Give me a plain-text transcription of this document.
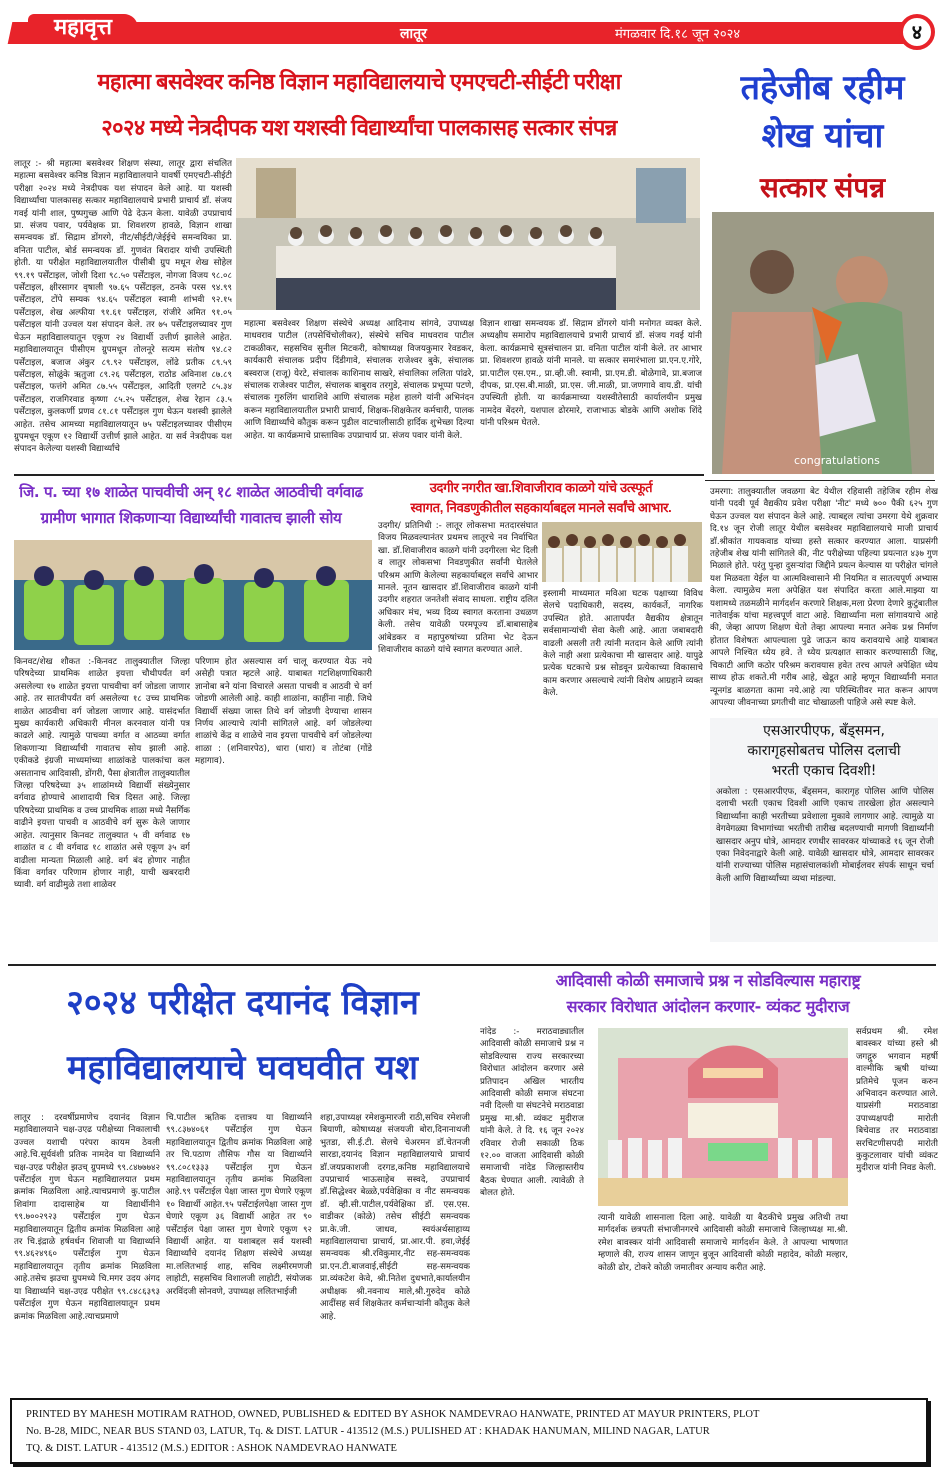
महावृत्त	लातूर	मंगळवार दि.१८ जून २०२४	४
महात्मा बसवेश्वर कनिष्ठ विज्ञान महाविद्यालयाचे एमएचटी-सीईटी परीक्षा
२०२४ मध्ये नेत्रदीपक यश यशस्वी विद्यार्थ्यांचा पालकासह सत्कार संपन्न
तहेजीब रहीम
शेख यांचा
सत्कार संपन्न
लातूर :- श्री महात्मा बसवेश्वर शिक्षण संस्था, लातूर द्वारा संचलित महात्मा बसवेश्वर कनिष्ठ विज्ञान महाविद्यालयाने यावर्षी एमएचटी-सीईटी परीक्षा २०२४ मध्ये नेत्रदीपक यश संपादन केले आहे. या यशस्वी विद्यार्थ्यांचा पालकासह सत्कार महाविद्यालयाचे प्रभारी प्राचार्य डॉ. संजय गवई यांनी शाल, पुष्पगुच्छ आणि पेढे देऊन केला. यावेळी उपप्राचार्य प्रा. संजय पवार, पर्यवेक्षक प्रा. शिवशरण हावळे, विज्ञान शाखा समन्वयक डॉ. सिद्राम डोंगरगे, नीट/सीईटी/जेईईचे समन्वयिका प्रा. वनिता पाटील, बोर्ड समन्वयक डॉ. गुणवंत बिरादार यांची उपस्थिती होती. या परीक्षेत महाविद्यालयातील पीसीबी ग्रुप मधून शेख सोहेल ९९.१९ पर्सेंटाइल, जोशी दिशा ९८.५० पर्सेंटाइल, नोगजा विजय ९८.०८ पर्सेंटाइल, क्षीरसागर वृषाली ९७.६५ पर्सेंटाइल, ठनके परस ९४.९९ पर्सेंटाइल, टोंपे सम्यक ९४.६५ पर्सेंटाइल स्वामी शांभवी ९२.१५ पर्सेंटाइल, शेख अल्फीया ९१.६१ पर्सेंटाइल, रांजीरे अमित ९१.०५ पर्सेंटाइल यांनी उज्वल यश संपादन केले. तर ७५ पर्सेंटाइलच्यावर गुण घेऊन महाविद्यालयातून एकूण २४ विद्यार्थी उत्तीर्ण झालेले आहेत. महाविद्यालयातून पीसीएम ग्रुपमधून तोलनूरे सत्यम संतोष ९४.८२ पर्सेंटाइल, बजाज अंकुर ८९.९२ पर्सेंटाइल, लोंढे प्रतीक ८९.५९ पर्सेंटाइल, सोळुंके ऋतुजा ८९.२६ पर्सेंटाइल, राठोड अविनाश ८७.८९ पर्सेंटाइल, फत्तंगे अमित ८७.५५ पर्सेंटाइल, आदिती एलगटे ८५.३४ पर्सेंटाइल, राजगिरवाड कृष्णा ८५.२५ पर्सेंटाइल, शेख रेहान ८३.५ पर्सेंटाइल, कुलकर्णी प्रणव ८१.८१ पर्सेंटाइल गुण घेऊन यशस्वी झालेले आहेत. तसेच आमच्या महाविद्यालयातून ७५ पर्सेंटाइलच्यावर पीसीएम ग्रुपमधून एकूण १२ विद्यार्थी उत्तीर्ण झाले आहेत. या सर्व नेत्रदीपक यश संपादन केलेल्या यशस्वी विद्यार्थ्यांचे
महात्मा बसवेश्वर शिक्षण संस्थेचे अध्यक्ष आदिनाथ सांगवे, उपाध्यक्ष माधवराव पाटील (तपसेचिंचोलीकर), संस्थेचे सचिव माधवराव पाटील टाकळीकर, सहसचिव सुनील मिटकरी, कोषाध्यक्ष विजयकुमार रेवडकर, कार्यकारी संचालक प्रदीप दिंडीगावे, संचालक राजेश्वर बुके, संचालक बस्वराज (राजू) येरटे, संचालक काशिनाथ साखरे, संचालिका ललिता पांढरे, संचालक राजेश्वर पाटील, संचालक बाबुराव तरगुडे, संचालक प्रभूप्पा पटणे, संचालक गुरुलिंग धाराशिवे आणि संचालक महेश हालगे यांनी अभिनंदन करून महाविद्यालयातील प्रभारी प्राचार्य, शिक्षक-शिक्षकेतर कर्मचारी, पालक आणि विद्यार्थ्यांचे कौतुक करून पुढील वाटचालीसाठी हार्दिक शुभेच्छा दिल्या आहेत. या कार्यक्रमाचे प्रास्ताविक उपप्राचार्य प्रा. संजय पवार यांनी केले.
विज्ञान शाखा समन्वयक डॉ. सिद्राम डोंगरगे यांनी मनोगत व्यक्त केले. अध्यक्षीय समारोप महाविद्यालयाचे प्रभारी प्राचार्य डॉ. संजय गवई यांनी केला. कार्यक्रमाचे सूत्रसंचालन प्रा. वनिता पाटील यांनी केले. तर आभार प्रा. शिवशरण हावळे यांनी मानले. या सत्कार समारंभाला प्रा.एन.ए.गोरे, प्रा.पाटील एस.एम., प्रा.व्ही.जी. स्वामी, प्रा.एम.डी. बोळेगावे, प्रा.बजाज दीपक, प्रा.एस.बी.माळी, प्रा.एस. जी.माळी, प्रा.जणगावे वाय.डी. यांची उपस्थिती होती. या कार्यक्रमाच्या यशस्वीतेसाठी कार्यालयीन प्रमुख नामदेव बेंदरगे, यशपाल ढोरमारे, राजाभाऊ बोडके आणि अशोक शिंदे यांनी परिश्रम घेतले.
congratulations
जि. प. च्या १७ शाळेत पाचवीची अन् १८ शाळेत आठवीची वर्गवाढ
ग्रामीण भागात शिकणाऱ्या विद्यार्थ्यांची गावातच झाली सोय
किनवट/शेख शौकत :-किनवट तालुक्यातील जिल्हा परिषदेच्या प्राथमिक शाळेत इयत्ता चौथीपर्यंत वर्ग असलेल्या १७ शाळेत इयत्ता पाचवीचा वर्ग जोडला जाणार आहे. तर सातवीपर्यंत वर्ग असलेल्या १८ उच्च प्राथमिक शाळेत आठवीचा वर्ग जोडला जाणार आहे. यासंदर्भात मुख्य कार्यकारी अधिकारी मीनल करनवाल यांनी पत्र काढले आहे. त्यामुळे पाचव्या वर्गात व आठव्या वर्गात शिकणाऱ्या विद्यार्थ्यांची गावातच सोय झाली आहे. एकीकडे इंग्रजी माध्यमांच्या शाळांकडे पालकांचा कल असतानाच आदिवासी, डोंगरी, पैसा क्षेत्रातील तालुक्यातील जिल्हा परिषदेच्या ३५ शाळांमध्ये विद्यार्थी संख्येनुसार वर्गवाढ होण्याचे आशादायी चित्र दिसत आहे. जिल्हा परिषदेच्या प्राथमिक व उच्च प्राथमिक शाळा मध्ये नैसर्गिक वाढीने इयत्ता पाचवी व आठवीचे वर्ग सुरू केले जाणार आहेत. त्यानुसार किनवट तालुक्यात ५ वी वर्गवाढ १७ शाळांत व ८ वी वर्गवाढ १८ शाळांत असे एकूण ३५ वर्ग वाढीला मान्यता मिळाली आहे. वर्ग बंद होणार नाहीत किंवा वर्गावर परिणाम होणार नाही, याची खबरदारी घ्यावी. वर्ग वाढीमुळे तशा शाळेवर
परिणाम होत असल्यास वर्ग चालू करण्यात येऊ नये असेही पत्रात म्हटले आहे. याबाबत गटशिक्षणाधिकारी ज्ञानोबा बने यांना विचारले असता पाचवी व आठवी चे वर्ग जोडणी आलेली आहे. काही शाळांना, काहींना नाही. जिथे विद्यार्थी संख्या जास्त तिथे वर्ग जोडणी देण्याचा शासन निर्णय आल्याचे त्यांनी सांगितले आहे. वर्ग जोडलेल्या शाळांचे केंद्र व शाळेचे नाव इयत्ता पाचवीचे वर्ग जोडलेल्या शाळा : (शनिवारपेठ), धारा (धारा) व तोटंबा (गोंडे महागाव).
उदगीर नगरीत खा.शिवाजीराव काळगे यांचे उत्स्फूर्त
स्वागत, निवडणुकीतील सहकार्याबद्दल मानले सर्वांचे आभार.
उदगीर/ प्रतिनिधी :- लातूर लोकसभा मतदारसंघात विजय मिळवल्यानंतर प्रथमच लातूरचे नव निर्वाचित खा. डॉ.शिवाजीराव काळगे यांनी उदगीरला भेट दिली व लातुर लोकसभा निवडणुकीत सर्वांनी घेतलेले परिश्रम आणि केलेल्या सहकार्याबद्दल सर्वांचे आभार मानले. नूतन खासदार डॉ.शिवाजीराव काळगे यांनी उदगीर शहरात जनतेशी संवाद साधला. राष्ट्रीय दलित अधिकार मंच, भव्य दिव्य स्वागत करताना उधळण केली. तसेच यावेळी परमपूज्य डॉ.बाबासाहेब आंबेडकर व महापुरुषांच्या प्रतिमा भेट देऊन शिवाजीराव काळगे यांचे स्वागत करण्यात आले.
इस्लामी माध्यमात मविआ घटक पक्षाच्या विविध सेलचे पदाधिकारी, सदस्य, कार्यकर्ते, नागरिक उपस्थित होते. आतापर्यंत वैद्यकीय क्षेत्रातून सर्वसामान्यांची सेवा केली आहे. आता जबाबदारी वाढली असली तरी त्यांनी मतदान केले आणि त्यांनी केले नाही अशा प्रत्येकाचा मी खासदार आहे. यापुढे प्रत्येक घटकाचे प्रश्न सोडवून प्रत्येकाच्या विकासाचे काम करणार असल्याचे त्यांनी विशेष आग्रहाने व्यक्त केले.
उमरगा: तालुक्यातील जवळगा बेट येथील रहिवासी तहेजिब रहीम शेख यांनी पदवी पूर्व वैद्यकीय प्रवेश परीक्षा 'नीट' मध्ये ७०० पैकी ६२५ गुण घेऊन उज्वल यश संपादन केले आहे. त्याबद्दल त्यांचा उमरगा येथे शुक्रवार दि.१४ जून रोजी लातूर येथील बसवेश्वर महाविद्यालयाचे माजी प्राचार्य डॉ.श्रीकांत गायकवाड यांच्या हस्ते सत्कार करण्यात आला. याप्रसंगी तहेजीब शेख यांनी सांगितले की, नीट परीक्षेच्या पहिल्या प्रयत्नात ४३७ गुण मिळाले होते. परंतु पुन्हा दुसऱ्यांदा जिद्दीने प्रयत्न केल्यास या परीक्षेत चांगले यश मिळवता येईल या आत्मविश्वासाने मी नियमित व सातत्यपूर्ण अभ्यास केला. त्यामुळेच मला अपेक्षित यश संपादित करता आले.माझ्या या यशामध्ये तळमळीने मार्गदर्शन करणारे शिक्षक,मला प्रेरणा देणारे कुटुंबातील नातेवाईक यांचा महत्त्वपूर्ण वाटा आहे. विद्यार्थ्यांना मला सांगावयाचे आहे की, जेव्हा आपण शिक्षण घेतो तेव्हा आपल्या मनात अनेक प्रश्न निर्माण होतात विशेषतः आपल्याला पुढे जाऊन काय करावयाचे आहे याबाबत आपले निश्चित ध्येय हवे. ते ध्येय प्रत्यक्षात साकार करण्यासाठी जिद्द, चिकाटी आणि कठोर परिश्रम करावयास हवेत तरच आपले अपेक्षित ध्येय साध्य होऊ शकते.मी गरीब आहे, खेडूत आहे म्हणून विद्यार्थ्यांनी मनात न्यूनगंड बाळगता कामा नये.आहे त्या परिस्थितीवर मात करून आपण आपल्या जीवनाच्या प्रगतीची वाट चोखाळली पाहिजे असे स्पष्ट केले.
एसआरपीएफ, बॅंड्समन,
कारागृहसोबतच पोलिस दलाची
भरती एकाच दिवशी!
अकोला : एसआरपीएफ, बॅंड्समन, कारागृह पोलिस आणि पोलिस दलाची भरती एकाच दिवशी आणि एकाच तारखेला होत असल्याने विद्यार्थ्यांना काही भरतीच्या प्रवेशाला मुकावे लागणार आहे. त्यामुळे या वेगवेगळ्या विभागांच्या भरतीची तारीख बदलण्याची मागणी विद्यार्थ्यांनी खासदार अनुप धोत्रे, आमदार रणधीर सावरकर यांच्याकडे १६ जून रोजी एका निवेदनाद्वारे केली आहे. यावेळी खासदार धोत्रे, आमदार सावरकर यांनी राज्याच्या पोलिस महासंचालकांशी मोबाईलवर संपर्क साधून चर्चा केली आणि विद्यार्थ्यांच्या व्यथा मांडल्या.
२०२४ परीक्षेत दयानंद विज्ञान
महाविद्यालयाचे घवघवीत यश
लातूर : दरवर्षीप्रमाणेच दयानंद विज्ञान महाविद्यालयाने चक्ष-उएढ परीक्षेच्या निकालाची उज्वल यशाची परंपरा कायम ठेवली आहे.चि.सूर्यवंशी प्रतिक नामदेव या विद्यार्थ्याने चक्ष-उएढ परीक्षेत झउच् ग्रुपमध्ये ९९.८४७७७४२ पर्सेंटाईल गुण घेऊन महाविद्यालयात प्रथम क्रमांक मिळविला आहे.त्याचप्रमाणे कु.पाटील शिवांगा दादासाहेब या विद्यार्थीनीने ९९.७००२९२३ पर्सेंटाईल गुण घेऊन महाविद्यालयातून द्वितीय क्रमांक मिळविला आहे तर चि.इंद्राळे हर्षवर्धन शिवाजी या विद्यार्थ्याने ९९.४६२४९६० पर्सेंटाईल गुण घेऊन महाविद्यालयातून तृतीय क्रमांक मिळविला आहे.तसेच झउचा ग्रुपमध्ये चि.मगर उदय अंगद या विद्यार्थ्याने चक्ष-उएढ परीक्षेत ९९.८४८६३९३ पर्सेंटाईल गुण घेऊन महाविद्यालयातून प्रथम क्रमांक मिळविला आहे.त्याचप्रमाणे
चि.पाटील ऋतिक दत्तात्रय या विद्यार्थ्याने ९९.८३७४०६१ पर्सेंटाईल गुण घेऊन महाविद्यालयातून द्वितीय क्रमांक मिळविला आहे तर चि.पठाण तौसिफ गौस या विद्यार्थ्याने ९९.८०८१३३३ पर्सेंटाईल गुण घेऊन महाविद्यालयातून तृतीय क्रमांक मिळविला आहे.९९ पर्सेंटाईल पेक्षा जास्त गुण घेणारे एकूण १० विद्यार्थी आहेत.९५ पर्सेंटाईलपेक्षा जास्त गुण घेणारे एकूण ३६ विद्यार्थी आहेत तर ९० पर्सेंटाईल पेक्षा जास्त गुण घेणारे एकूण ९२ विद्यार्थी आहेत. या यशाबद्दल सर्व यशस्वी विद्यार्थ्यांचे दयानंद शिक्षण संस्थेचे अध्यक्ष मा.ललितभाई शाह, सचिव लक्ष्मीरमणजी लाहोटी, सहसचिव विशालजी लाहोटी, संयोजक अरविंदजी सोनवणे, उपाध्यक्ष ललितभाईजी
शहा,उपाध्यक्ष रमेशकुमारजी राठी,सचिव रमेशजी बियाणी, कोषाध्यक्ष संजयजी बोरा,दिनानाथजी भुतडा, सी.ई.टी. सेलचे चेअरमन डॉ.चेतनजी सारडा,दयानंद विज्ञान महाविद्यालयाचे प्राचार्य डॉ.जयप्रकाशजी दरगड,कनिष्ठ महाविद्यालयाचे उपप्राचार्य भाऊसाहेब सस्वदे, उपप्राचार्य डॉ.सिद्धेश्वर बेळ्ळे,पर्यवेक्षिका व नीट समन्वयक डॉ. व्ही.सी.पाटील,पर्यवेक्षिका डॉ. एस.एस. वाडीकर (कोळे) तसेच सीईटी समन्वयक प्रा.के.जी. जाधव, स्वयंअर्थसाहाय्य महाविद्यालयाचा प्राचार्य, प्रा.आर.पी. हवा,जेईई समन्वयक श्री.रविकुमार,नीट सह-समन्वयक प्रा.एन.टी.बाजवाई,सीईटी सह-समन्वयक प्रा.व्यंकटेश केवे, श्री.नितेश दुधभाते,कार्यालयीन अधीक्षक श्री.नवनाथ माले,श्री.गुरुदेव कोळे आदींसह सर्व शिक्षकेतर कर्मचाऱ्यांनी कौतुक केले आहे.
आदिवासी कोळी समाजाचे प्रश्न न सोडविल्यास महाराष्ट्र
सरकार विरोधात आंदोलन करणार- व्यंकट मुदीराज
नांदेड :- मराठवाड्यातील आदिवासी कोळी समाजाचे प्रश्न न सोडविल्यास राज्य सरकारच्या विरोधात आंदोलन करणार असे प्रतिपादन अखिल भारतीय आदिवासी कोळी समाज संघटना नवी दिल्ली या संघटनेचे मराठवाडा प्रमुख मा.श्री. व्यंकट मुदीराज यांनी केले. ते दि. १६ जून २०२४ रविवार रोजी सकाळी ठिक १२.०० वाजता आदिवासी कोळी समाजाची नांदेड जिल्हास्तरीय बैठक घेण्यात आली. त्यावेळी ते बोलत होते.
सर्वप्रथम श्री. रमेश बावस्कर यांच्या हस्ते श्री जगद्गुरु भगवान महर्षी वाल्मीकि ऋषी यांच्या प्रतिमेचे पूजन करुन अभिवादन करण्यात आले. याप्रसंगी मराठवाडा उपाध्यक्षपदी मारोती बिचेवाड तर मराठवाडा सरचिटणीसपदी मारोती कुकुटलावार यांची व्यंकट मुदीराज यांनी निवड केली.
त्यानी यावेळी शासनाला दिला आहे. यावेळी या बैठकीचे प्रमुख अतिथी तथा मार्गदर्शक छत्रपती संभाजीनगरचे आदिवासी कोळी समाजाचे जिल्हाध्यक्ष मा.श्री. रमेश बावस्कर यांनी आदिवासी समाजाचे मार्गदर्शन केले. ते आपल्या भाषणात म्हणाले की, राज्य शासन जाणून बुजून आदिवासी कोळी महादेव, कोळी मल्हार, कोळी ढोर, टोकरे कोळी जमातीवर अन्याय करीत आहे.
PRINTED BY MAHESH MOTIRAM RATHOD, OWNED, PUBLISHED & EDITED BY ASHOK NAMDEVRAO HANWATE, PRINTED AT MAYUR PRINTERS, PLOT
No. B-28, MIDC, NEAR BUS STAND 03, LATUR, Tq. & DIST. LATUR - 413512 (M.S.) PULISHED AT : KHADAK HANUMAN, MILIND NAGAR, LATUR
TQ. & DIST. LATUR - 413512 (M.S.) EDITOR : ASHOK NAMDEVRAO HANWATE
